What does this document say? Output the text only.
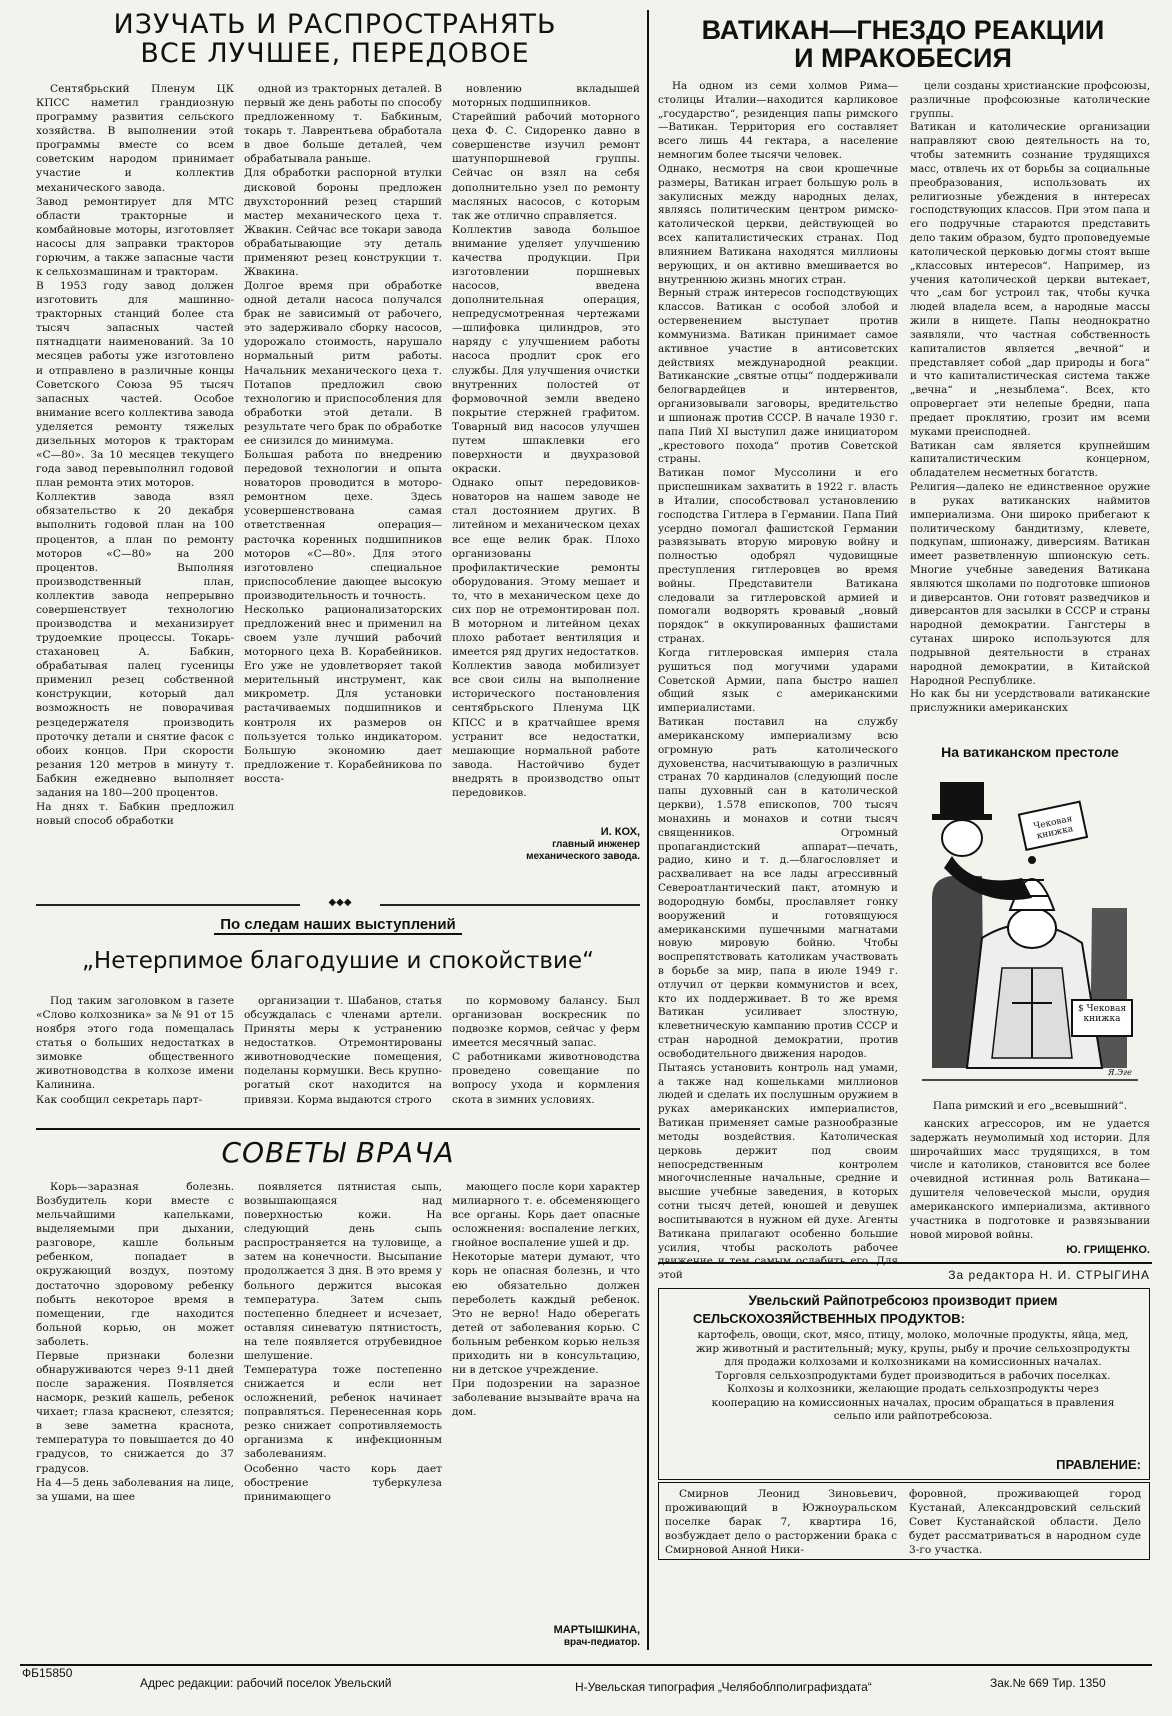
ИЗУЧАТЬ И РАСПРОСТРАНЯТЬ
ВСЕ ЛУЧШЕЕ, ПЕРЕДОВОЕ

Сентябрьский Пленум ЦК КПСС наметил грандиозную программу развития сельского хозяйства. В выполнении этой программы вместе со всем советским народом принимает участие и коллектив механического завода.
Завод ремонтирует для МТС области тракторные и комбайновые моторы, изготовляет насосы для заправки тракторов горючим, а также запасные части к сельхозмашинам и тракторам.
В 1953 году завод должен изготовить для машинно-тракторных станций более ста тысяч запасных частей пятнадцати наименований. За 10 месяцев работы уже изготовлено и отправлено в различные концы Советского Союза 95 тысяч запасных частей. Особое внимание всего коллектива завода уделяется ремонту тяжелых дизельных моторов к тракторам «С—80». За 10 месяцев текущего года завод перевыполнил годовой план ремонта этих моторов.
Коллектив завода взял обязательство к 20 декабря выполнить годовой план на 100 процентов, а план по ремонту моторов «С—80» на 200 процентов. Выполняя производственный план, коллектив завода непрерывно совершенствует технологию производства и механизирует трудоемкие процессы. Токарь-стахановец А. Бабкин, обрабатывая палец гусеницы применил резец собственной конструкции, который дал возможность не поворачивая резцедержателя производить проточку детали и снятие фасок с обоих концов. При скорости резания 120 метров в минуту т. Бабкин ежедневно выполняет задания на 180—200 процентов.
На днях т. Бабкин предложил новый способ обработки

одной из тракторных деталей. В первый же день работы по способу предложенному т. Бабкиным, токарь т. Лаврентьева обработала в двое больше деталей, чем обрабатывала раньше.
Для обработки распорной втулки дисковой бороны предложен двухсторонний резец старший мастер механического цеха т. Жвакин. Сейчас все токари завода обрабатывающие эту деталь применяют резец конструкции т. Жвакина.
Долгое время при обработке одной детали насоса получался брак не зависимый от рабочего, это задерживало сборку насосов, удорожало стоимость, нарушало нормальный ритм работы. Начальник механического цеха т. Потапов предложил свою технологию и приспособления для обработки этой детали. В результате чего брак по обработке ее снизился до минимума.
Большая работа по внедрению передовой технологии и опыта новаторов проводится в моторо-ремонтном цехе. Здесь усовершенствована самая ответственная операция—расточка коренных подшипников моторов «С—80». Для этого изготовлено специальное приспособление дающее высокую производительность и точность.
Несколько рационализаторских предложений внес и применил на своем узле лучший рабочий моторного цеха В. Корабейников. Его уже не удовлетворяет такой мерительный инструмент, как микрометр. Для установки растачиваемых подшипников и контроля их размеров он пользуется только индикатором. Большую экономию дает предложение т. Корабейникова по восста-

новлению вкладышей моторных подшипников.
Старейший рабочий моторного цеха Ф. С. Сидоренко давно в совершенстве изучил ремонт шатунпоршневой группы. Сейчас он взял на себя дополнительно узел по ремонту масляных насосов, с которым так же отлично справляется.
Коллектив завода большое внимание уделяет улучшению качества продукции. При изготовлении поршневых насосов, введена дополнительная операция, непредусмотренная чертежами—шлифовка цилиндров, это наряду с улучшением работы насоса продлит срок его службы. Для улучшения очистки внутренних полостей от формовочной земли введено покрытие стержней графитом. Товарный вид насосов улучшен путем шпаклевки его поверхности и двухразовой окраски.
Однако опыт передовиков-новаторов на нашем заводе не стал достоянием других. В литейном и механическом цехах все еще велик брак. Плохо организованы профилактические ремонты оборудования. Этому мешает и то, что в механическом цехе до сих пор не отремонтирован пол. В моторном и литейном цехах плохо работает вентиляция и имеется ряд других недостатков.
Коллектив завода мобилизует все свои силы на выполнение исторического постановления сентябрьского Пленума ЦК КПСС и в кратчайшее время устранит все недостатки, мешающие нормальной работе завода. Настойчиво будет внедрять в производство опыт передовиков.

И. КОХ,
главный инженер
механического завода.
◆◆◆
По следам наших выступлений
„Нетерпимое благодушие и спокойствие“

Под таким заголовком в газете «Слово колхозника» за № 91 от 15 ноября этого года помещалась статья о больших недостатках в зимовке общественного животноводства в колхозе имени Калинина.
Как сообщил секретарь парт-

организации т. Шабанов, статья обсуждалась с членами артели. Приняты меры к устранению недостатков. Отремонтированы животноводческие помещения, поделаны кормушки. Весь крупно-рогатый скот находится на привязи. Корма выдаются строго

по кормовому балансу. Был организован воскресник по подвозке кормов, сейчас у ферм имеется месячный запас.
С работниками животноводства проведено совещание по вопросу ухода и кормления скота в зимних условиях.

СОВЕТЫ ВРАЧА

Корь—заразная болезнь. Возбудитель кори вместе с мельчайшими капельками, выделяемыми при дыхании, разговоре, кашле больным ребенком, попадает в окружающий воздух, поэтому достаточно здоровому ребенку побыть некоторое время в помещении, где находится больной корью, он может заболеть.
Первые признаки болезни обнаруживаются через 9-11 дней после заражения. Появляется насморк, резкий кашель, ребенок чихает; глаза краснеют, слезятся; в зеве заметна краснота, температура то повышается до 40 градусов, то снижается до 37 градусов.
На 4—5 день заболевания на лице, за ушами, на шее

появляется пятнистая сыпь, возвышающаяся над поверхностью кожи. На следующий день сыпь распространяется на туловище, а затем на конечности. Высыпание продолжается 3 дня. В это время у больного держится высокая температура. Затем сыпь постепенно бледнеет и исчезает, оставляя синеватую пятнистость, на теле появляется отрубевидное шелушение.
Температура тоже постепенно снижается и если нет осложнений, ребенок начинает поправляться. Перенесенная корь резко снижает сопротивляемость организма к инфекционным заболеваниям.
Особенно часто корь дает обострение туберкулеза принимающего

мающего после кори характер милиарного т. е. обсеменяющего все органы. Корь дает опасные осложнения: воспаление легких, гнойное воспаление ушей и др.
Некоторые матери думают, что корь не опасная болезнь, и что ею обязательно должен переболеть каждый ребенок. Это не верно! Надо оберегать детей от заболевания корью. С больным ребенком корью нельзя приходить ни в консультацию, ни в детское учреждение.
При подозрении на заразное заболевание вызывайте врача на дом.

МАРТЫШКИНА,
врач-педиатор.
ВАТИКАН—ГНЕЗДО РЕАКЦИИ
И МРАКОБЕСИЯ

На одном из семи холмов Рима—столицы Италии—находится карликовое „государство“, резиденция папы римского—Ватикан. Территория его составляет всего лишь 44 гектара, а население немногим более тысячи человек.
Однако, несмотря на свои крошечные размеры, Ватикан играет большую роль в закулисных между народных делах, являясь политическим центром римско-католической церкви, действующей во всех капиталистических странах. Под влиянием Ватикана находятся миллионы верующих, и он активно вмешивается во внутреннюю жизнь многих стран.
Верный страж интересов господствующих классов. Ватикан с особой злобой и остервенением выступает против коммунизма. Ватикан принимает самое активное участие в антисоветских действиях международной реакции. Ватиканские „святые отцы“ поддерживали белогвардейцев и интервентов, организовывали заговоры, вредительство и шпионаж против СССР. В начале 1930 г. папа Пий XI выступил даже инициатором „крестового похода“ против Советской страны.
Ватикан помог Муссолини и его приспешникам захватить в 1922 г. власть в Италии, способствовал установлению господства Гитлера в Германии. Папа Пий усердно помогал фашистской Германии развязывать вторую мировую войну и полностью одобрял чудовищные преступления гитлеровцев во время войны. Представители Ватикана следовали за гитлеровской армией и помогали водворять кровавый „новый порядок“ в оккупированных фашистами странах.
Когда гитлеровская империя стала рушиться под могучими ударами Советской Армии, папа быстро нашел общий язык с американскими империалистами.
Ватикан поставил на службу американскому империализму всю огромную рать католического духовенства, насчитывающую в различных странах 70 кардиналов (следующий после папы духовный сан в католической церкви), 1.578 епископов, 700 тысяч монахинь и монахов и сотни тысяч священников. Огромный пропагандистский аппарат—печать, радио, кино и т. д.—благословляет и расхваливает на все лады агрессивный Североатлантический пакт, атомную и водородную бомбы, прославляет гонку вооружений и готовящуюся американскими пушечными магнатами новую мировую бойню. Чтобы воспрепятствовать католикам участвовать в борьбе за мир, папа в июле 1949 г. отлучил от церкви коммунистов и всех, кто их поддерживает. В то же время Ватикан усиливает злостную, клеветническую кампанию против СССР и стран народной демократии, против освободительного движения народов.
Пытаясь установить контроль над умами, а также над кошельками миллионов людей и сделать их послушным оружием в руках американских империалистов, Ватикан применяет самые разнообразные методы воздействия. Католическая церковь держит под своим непосредственным контролем многочисленные начальные, средние и высшие учебные заведения, в которых сотни тысяч детей, юношей и девушек воспитываются в нужном ей духе. Агенты Ватикана прилагают особенно большие усилия, чтобы расколоть рабочее этой

цели созданы христианские профсоюзы, различные профсоюзные католические группы.
Ватикан и католические организации направляют свою деятельность на то, чтобы затемнить сознание трудящихся масс, отвлечь их от борьбы за социальные преобразования, использовать их религиозные убеждения в интересах господствующих классов. При этом папа и его подручные стараются представить дело таким образом, будто проповедуемые католической церковью догмы стоят выше „классовых интересов“. Например, из учения католической церкви вытекает, что „сам бог устроил так, чтобы кучка людей владела всем, а народные массы жили в нищете. Папы неоднократно заявляли, что частная собственность капиталистов является „вечной“ и представляет собой „дар природы и бога“ и что капиталистическая система также „вечна“ и „незыблема“. Всех, кто опровергает эти нелепые бредни, папа предает проклятию, грозит им всеми муками преисподней.
Ватикан сам является крупнейшим капиталистическим концерном, обладателем несметных богатств.
Религия—далеко не единственное оружие в руках ватиканских наймитов империализма. Они широко прибегают к политическому бандитизму, клевете, подкупам, шпионажу, диверсиям. Ватикан имеет разветвленную шпионскую сеть. Многие учебные заведения Ватикана являются школами по подготовке шпионов и диверсантов. Они готовят разведчиков и диверсантов для засылки в СССР и страны народной демократии. Гангстеры в сутанах широко используются для подрывной деятельности в странах народной демократии, в Китайской Народной Республике.
Но как бы ни усердствовали ватиканские прислужники американских

На ватиканском престоле
Чековая книжка
$ Чековая книжка
Я.Эге
Папа римский и его „всевышний“.

канских агрессоров, им не удается задержать неумолимый ход истории. Для широчайших масс трудящихся, в том числе и католиков, становится все более очевидной истинная роль Ватикана—душителя человеческой мысли, орудия американского империализма, активного участника в подготовке и развязывании новой мировой войны.

Ю. ГРИЩЕНКО.
За редактора Н. И. СТРЫГИНА
Увельский Райпотребсоюз производит прием
СЕЛЬСКОХОЗЯЙСТВЕННЫХ ПРОДУКТОВ:
картофель, овощи, скот, мясо, птицу, молоко, молочные продукты, яйца, мед, жир животный и растительный; муку, крупы, рыбу и прочие сельхозпродукты для продажи колхозами и колхозниками на комиссионных началах.
Торговля сельхозпродуктами будет производиться в рабочих поселках.
Колхозы и колхозники, желающие продать сельхозпродукты через кооперацию на комиссионных началах, просим обращаться в правления сельпо или райпотребсоюза.
ПРАВЛЕНИЕ:
Смирнов Леонид Зиновьевич, проживающий в Южноуральском поселке барак 7, квартира 16, возбуждает дело о расторжении брака с Смирновой Анной Ники-
форовной, проживающей город Кустанай, Александровский сельский Совет Кустанайской области. Дело будет рассматриваться в народном суде 3-го участка.
ФБ15850
Адрес редакции: рабочий поселок Увельский	Н-Увельская типография „Челябоблполиграфиздата“	Зак.№ 669 Тир. 1350
